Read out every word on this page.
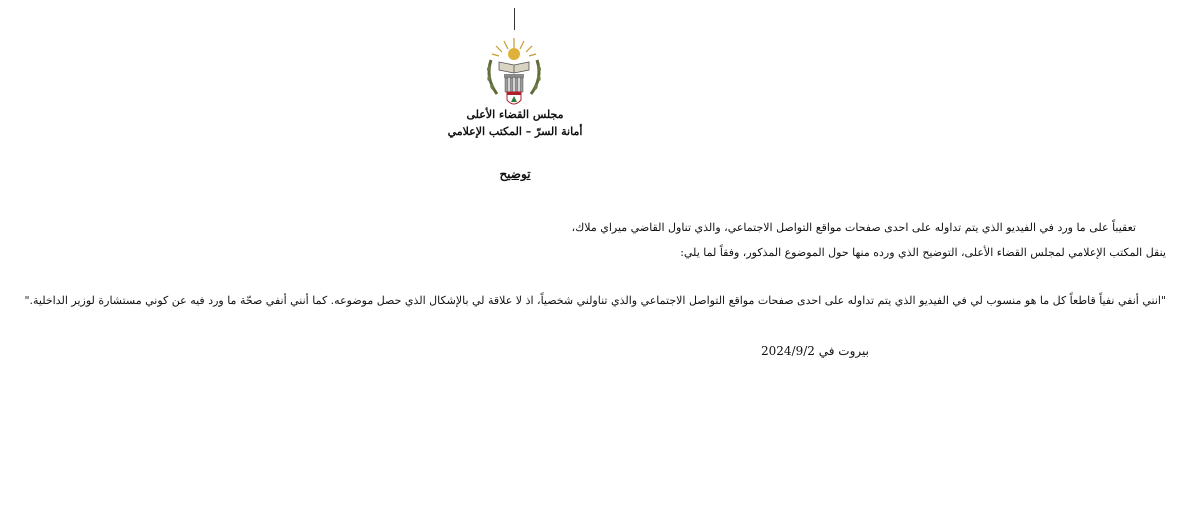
مجلس القضاء الأعلى
أمانة السرّ – المكتب الإعلامي
توضيح
تعقيباً على ما ورد في الفيديو الذي يتم تداوله على احدى صفحات مواقع التواصل الاجتماعي، والذي تناول القاضي ميراي ملاك،
ينقل المكتب الإعلامي لمجلس القضاء الأعلى، التوضيح الذي ورده منها حول الموضوع المذكور، وفقاً لما يلي:
"انني أنفي نفياً قاطعاً كل ما هو منسوب لي في الفيديو الذي يتم تداوله على احدى صفحات مواقع التواصل الاجتماعي والذي تناولني شخصياً، اذ لا علاقة لي بالإشكال الذي حصل موضوعه. كما أنني أنفي صحّة ما ورد فيه عن كوني مستشارة لوزير الداخلية."
بيروت في 2024/9/2
